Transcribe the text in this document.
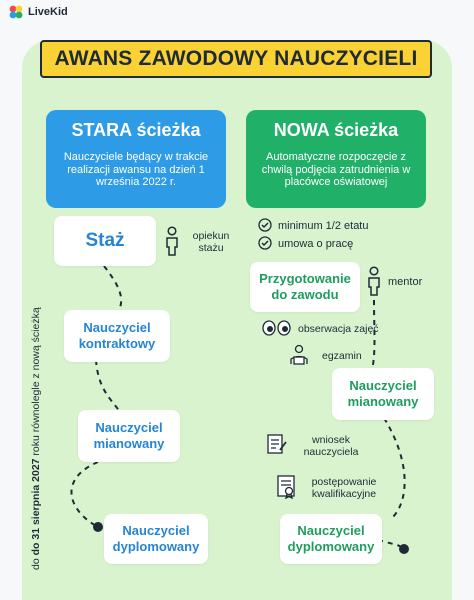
LiveKid
AWANS ZAWODOWY NAUCZYCIELI
STARA ścieżka
Nauczyciele będący w trakcie realizacji awansu na dzień 1 września 2022 r.
NOWA ścieżka
Automatyczne rozpoczęcie z chwilą podjęcia zatrudnienia w placówce oświatowej
Staż
Nauczyciel kontraktowy
Nauczyciel mianowany
Nauczyciel dyplomowany
opiekun stażu
minimum 1/2 etatu
umowa o pracę
Przygotowanie do zawodu
Nauczyciel mianowany
Nauczyciel dyplomowany
mentor
obserwacja zajęć
egzamin
wniosek nauczyciela
postępowanie kwalifikacyjne
do do 31 sierpnia 2027 roku równolegle z nową ścieżką
